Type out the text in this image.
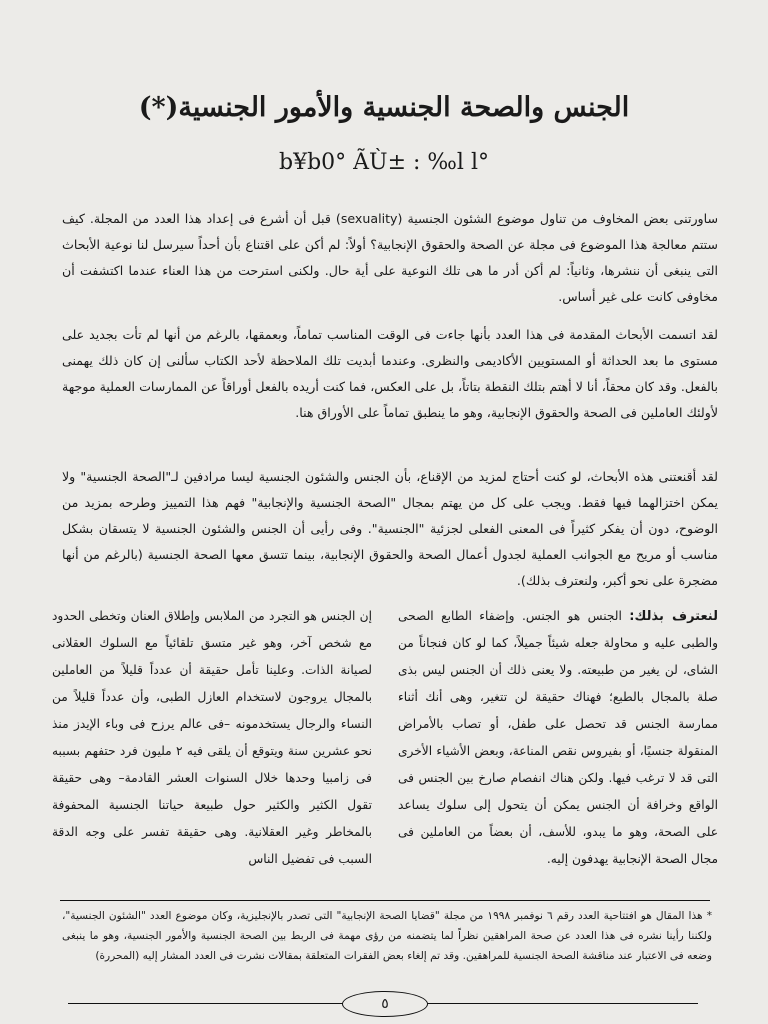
الجنس والصحة الجنسية والأمور الجنسية(*)
b¥b0° ÃÙ± : ‰l ‌l°

ساورتنى بعض المخاوف من تناول موضوع الشئون الجنسية (sexuality) قبل أن أشرع فى إعداد هذا العدد من المجلة. كيف ستتم معالجة هذا الموضوع فى مجلة عن الصحة والحقوق الإنجابية؟ أولاً: لم أكن على اقتناع بأن أحداً سيرسل لنا نوعية الأبحاث التى ينبغى أن ننشرها، وثانياً: لم أكن أدر ما هى تلك النوعية على أية حال. ولكنى استرحت من هذا العناء عندما اكتشفت أن مخاوفى كانت على غير أساس.

لقد اتسمت الأبحاث المقدمة فى هذا العدد بأنها جاءت فى الوقت المناسب تماماً، وبعمقها، بالرغم من أنها لم تأت بجديد على مستوى ما بعد الحداثة أو المستويين الأكاديمى والنظرى. وعندما أبديت تلك الملاحظة لأحد الكتاب سألنى إن كان ذلك يهمنى بالفعل. وقد كان محقاً، أنا لا أهتم بتلك النقطة بتاتاً، بل على العكس، فما كنت أريده بالفعل أوراقاً عن الممارسات العملية موجهة لأولئك العاملين فى الصحة والحقوق الإنجابية، وهو ما ينطبق تماماً على الأوراق هنا.

لقد أقنعتنى هذه الأبحاث، لو كنت أحتاج لمزيد من الإقناع، بأن الجنس والشئون الجنسية ليسا مرادفين لـ"الصحة الجنسية" ولا يمكن اختزالهما فيها فقط. ويجب على كل من يهتم بمجال "الصحة الجنسية والإنجابية" فهم هذا التمييز وطرحه بمزيد من الوضوح، دون أن يفكر كثيراً فى المعنى الفعلى لجزئية "الجنسية". وفى رأيى أن الجنس والشئون الجنسية لا يتسقان بشكل مناسب أو مريح مع الجوانب العملية لجدول أعمال الصحة والحقوق الإنجابية، بينما تتسق معها الصحة الجنسية (بالرغم من أنها مضجرة على نحو أكبر، ولنعترف بذلك).

لنعترف بذلك: الجنس هو الجنس. وإضفاء الطابع الصحى والطبى عليه و محاولة جعله شيئاً جميلاً، كما لو كان فنجاناً من الشاى، لن يغير من طبيعته. ولا يعنى ذلك أن الجنس ليس بذى صلة بالمجال بالطبع؛ فهناك حقيقة لن تتغير، وهى أنك أثناء ممارسة الجنس قد تحصل على طفل، أو تصاب بالأمراض المنقولة جنسيًا، أو بفيروس نقص المناعة، وبعض الأشياء الأخرى التى قد لا ترغب فيها. ولكن هناك انفصام صارخ بين الجنس فى الواقع وخرافة أن الجنس يمكن أن يتحول إلى سلوك يساعد على الصحة، وهو ما يبدو، للأسف، أن بعضاً من العاملين فى مجال الصحة الإنجابية يهدفون إليه.

إن الجنس هو التجرد من الملابس وإطلاق العنان وتخطى الحدود مع شخص آخر، وهو غير متسق تلقائياً مع السلوك العقلانى لصيانة الذات. وعلينا تأمل حقيقة أن عدداً قليلاً من العاملين بالمجال يروجون لاستخدام العازل الطبى، وأن عدداً قليلاً من النساء والرجال يستخدمونه –فى عالم يرزح فى وباء الإيدز منذ نحو عشرين سنة ويتوقع أن يلقى فيه ٢ مليون فرد حتفهم بسببه فى زامبيا وحدها خلال السنوات العشر القادمة– وهى حقيقة تقول الكثير والكثير حول طبيعة حياتنا الجنسية المحفوفة بالمخاطر وغير العقلانية. وهى حقيقة تفسر على وجه الدقة السبب فى تفضيل الناس

* هذا المقال هو افتتاحية العدد رقم ٦ نوفمبر ١٩٩٨ من مجلة "قضايا الصحة الإنجابية" التى تصدر بالإنجليزية، وكان موضوع العدد "الشئون الجنسية"، ولكننا رأينا نشره فى هذا العدد عن صحة المراهقين نظراً لما يتضمنه من رؤى مهمة فى الربط بين الصحة الجنسية والأمور الجنسية، وهو ما ينبغى وضعه فى الاعتبار عند مناقشة الصحة الجنسية للمراهقين. وقد تم إلغاء بعض الفقرات المتعلقة بمقالات نشرت فى العدد المشار إليه (المحررة)

٥
